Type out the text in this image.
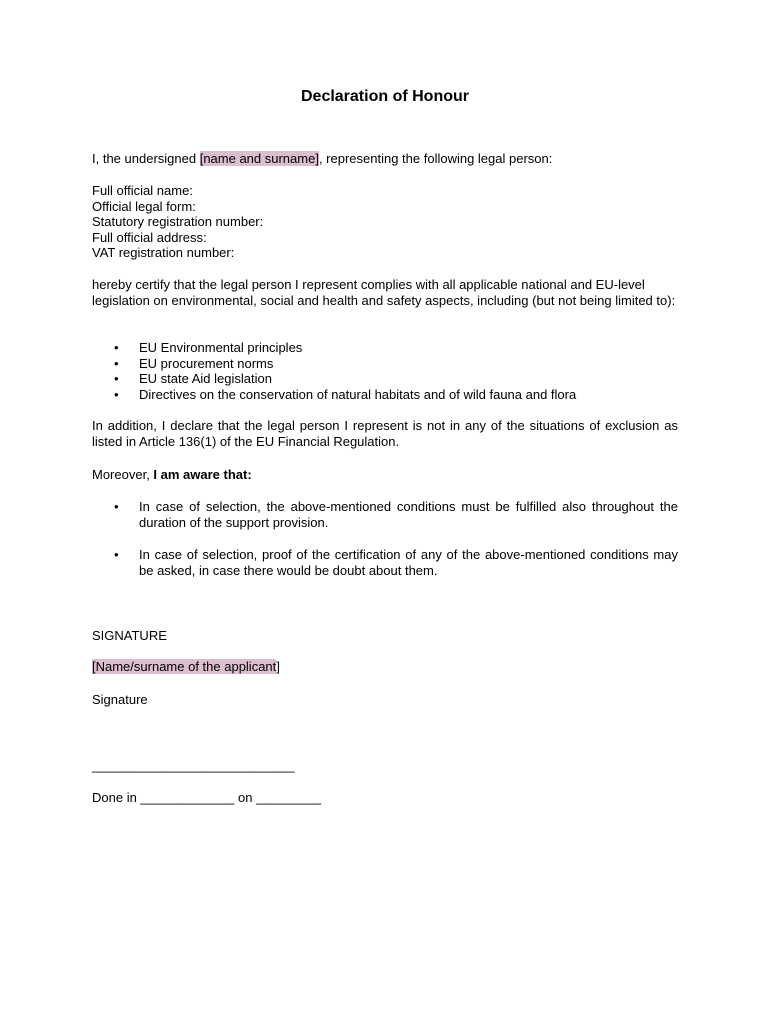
Declaration of Honour
I, the undersigned [name and surname], representing the following legal person:
Full official name:
Official legal form:
Statutory registration number:
Full official address:
VAT registration number:
hereby certify that the legal person I represent complies with all applicable national and EU-level legislation on environmental, social and health and safety aspects, including (but not being limited to):
• EU Environmental principles
• EU procurement norms
• EU state Aid legislation
• Directives on the conservation of natural habitats and of wild fauna and flora
In addition, I declare that the legal person I represent is not in any of the situations of exclusion as listed in Article 136(1) of the EU Financial Regulation.
Moreover, I am aware that:
• In case of selection, the above-mentioned conditions must be fulfilled also throughout the duration of the support provision.
• In case of selection, proof of the certification of any of the above-mentioned conditions may be asked, in case there would be doubt about them.
SIGNATURE
[Name/surname of the applicant]
Signature
____________________________
Done in _____________ on _________
